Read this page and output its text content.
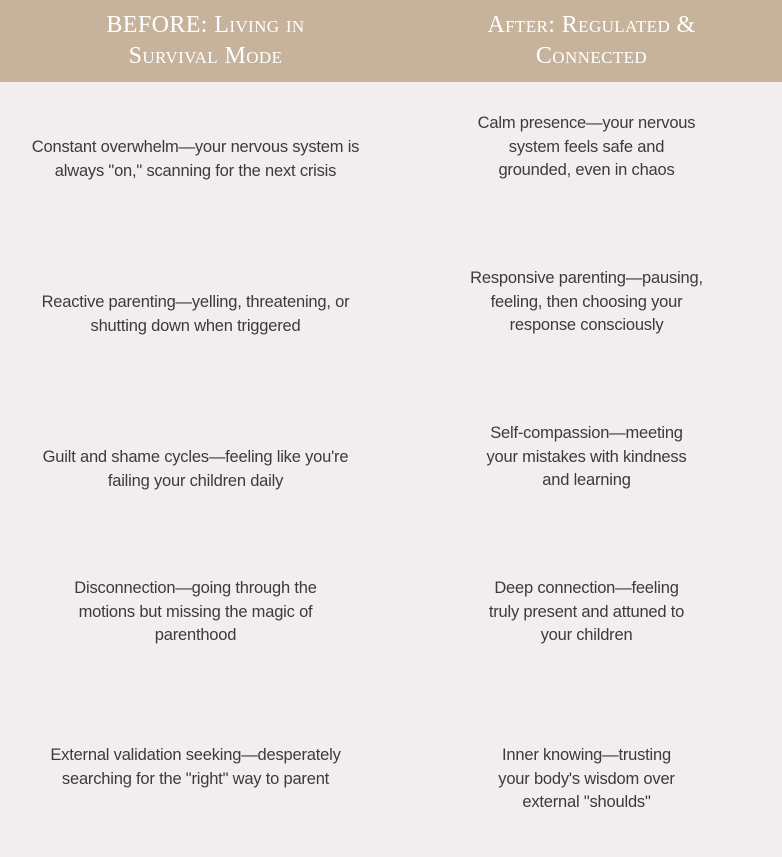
BEFORE: Living in Survival Mode
After: Regulated & Connected
Constant overwhelm—your nervous system is always "on," scanning for the next crisis
Calm presence—your nervous system feels safe and grounded, even in chaos
Reactive parenting—yelling, threatening, or shutting down when triggered
Responsive parenting—pausing, feeling, then choosing your response consciously
Guilt and shame cycles—feeling like you're failing your children daily
Self-compassion—meeting your mistakes with kindness and learning
Disconnection—going through the motions but missing the magic of parenthood
Deep connection—feeling truly present and attuned to your children
External validation seeking—desperately searching for the "right" way to parent
Inner knowing—trusting your body's wisdom over external "shoulds"
